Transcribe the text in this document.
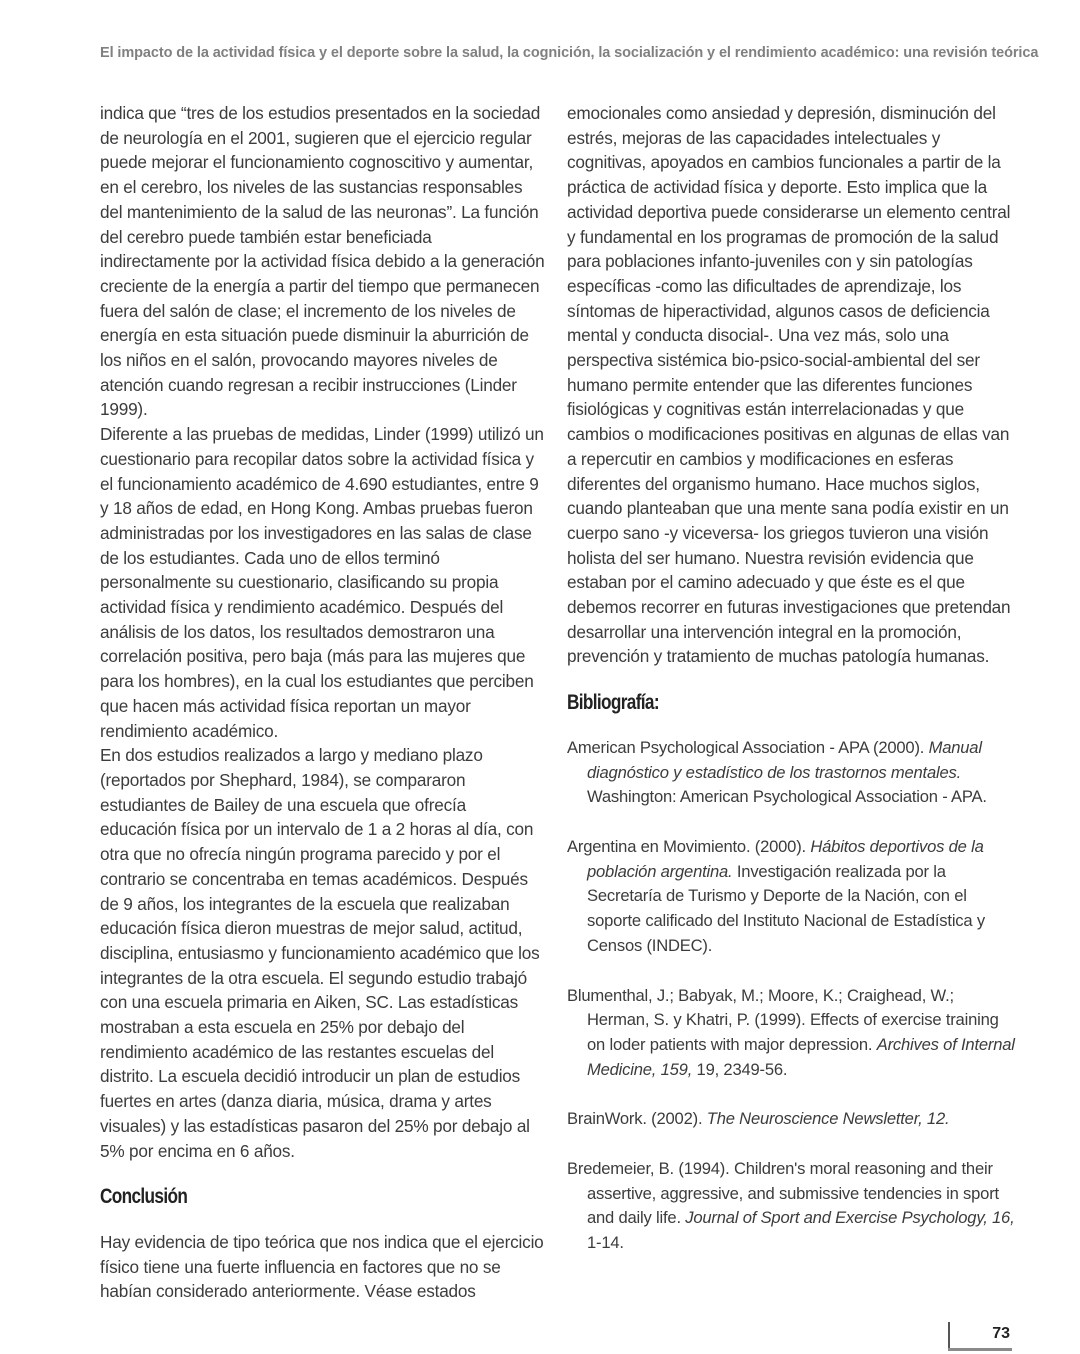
El impacto de la actividad física y el deporte sobre la salud, la cognición, la socialización y el rendimiento académico: una revisión teórica

indica que “tres de los estudios presentados en la sociedad de neurología en el 2001, sugieren que el ejercicio regular puede mejorar el funcionamiento cognoscitivo y aumentar, en el cerebro, los niveles de las sustancias responsables del mantenimiento de la salud de las neuronas”. La función del cerebro puede también estar beneficiada indirectamente por la actividad física debido a la generación creciente de la energía a partir del tiempo que permanecen fuera del salón de clase; el incremento de los niveles de energía en esta situación puede disminuir la aburrición de los niños en el salón, provocando mayores niveles de atención cuando regresan a recibir instrucciones (Linder 1999).

Diferente a las pruebas de medidas, Linder (1999) utilizó un cuestionario para recopilar datos sobre la actividad física y el funcionamiento académico de 4.690 estudiantes, entre 9 y 18 años de edad, en Hong Kong. Ambas pruebas fueron administradas por los investigadores en las salas de clase de los estudiantes. Cada uno de ellos terminó personalmente su cuestionario, clasificando su propia actividad física y rendimiento académico. Después del análisis de los datos, los resultados demostraron una correlación positiva, pero baja (más para las mujeres que para los hombres), en la cual los estudiantes que perciben que hacen más actividad física reportan un mayor rendimiento académico.

En dos estudios realizados a largo y mediano plazo (reportados por Shephard, 1984), se compararon estudiantes de Bailey de una escuela que ofrecía educación física por un intervalo de 1 a 2 horas al día, con otra que no ofrecía ningún programa parecido y por el contrario se concentraba en temas académicos. Después de 9 años, los integrantes de la escuela que realizaban educación física dieron muestras de mejor salud, actitud, disciplina, entusiasmo y funcionamiento académico que los integrantes de la otra escuela. El segundo estudio trabajó con una escuela primaria en Aiken, SC. Las estadísticas mostraban a esta escuela en 25% por debajo del rendimiento académico de las restantes escuelas del distrito. La escuela decidió introducir un plan de estudios fuertes en artes (danza diaria, música, drama y artes visuales) y las estadísticas pasaron del 25% por debajo al 5% por encima en 6 años.

Conclusión

Hay evidencia de tipo teórica que nos indica que el ejercicio físico tiene una fuerte influencia en factores que no se habían considerado anteriormente. Véase estados

emocionales como ansiedad y depresión, disminución del estrés, mejoras de las capacidades intelectuales y cognitivas, apoyados en cambios funcionales a partir de la práctica de actividad física y deporte. Esto implica que la actividad deportiva puede considerarse un elemento central y fundamental en los programas de promoción de la salud para poblaciones infanto-juveniles con y sin patologías específicas -como las dificultades de aprendizaje, los síntomas de hiperactividad, algunos casos de deficiencia mental y conducta disocial-. Una vez más, solo una perspectiva sistémica bio-psico-social-ambiental del ser humano permite entender que las diferentes funciones fisiológicas y cognitivas están interrelacionadas y que cambios o modificaciones positivas en algunas de ellas van a repercutir en cambios y modificaciones en esferas diferentes del organismo humano. Hace muchos siglos, cuando planteaban que una mente sana podía existir en un cuerpo sano -y viceversa- los griegos tuvieron una visión holista del ser humano. Nuestra revisión evidencia que estaban por el camino adecuado y que éste es el que debemos recorrer en futuras investigaciones que pretendan desarrollar una intervención integral en la promoción, prevención y tratamiento de muchas patología humanas.

Bibliografía:

American Psychological Association - APA (2000). Manual diagnóstico y estadístico de los trastornos mentales. Washington: American Psychological Association - APA.

Argentina en Movimiento. (2000). Hábitos deportivos de la población argentina. Investigación realizada por la Secretaría de Turismo y Deporte de la Nación, con el soporte calificado del Instituto Nacional de Estadística y Censos (INDEC).

Blumenthal, J.; Babyak, M.; Moore, K.; Craighead, W.; Herman, S. y Khatri, P. (1999). Effects of exercise training on loder patients with major depression. Archives of Internal Medicine, 159, 19, 2349-56.

BrainWork. (2002). The Neuroscience Newsletter, 12.

Bredemeier, B. (1994). Children's moral reasoning and their assertive, aggressive, and submissive tendencies in sport and daily life. Journal of Sport and Exercise Psychology, 16, 1-14.

73
